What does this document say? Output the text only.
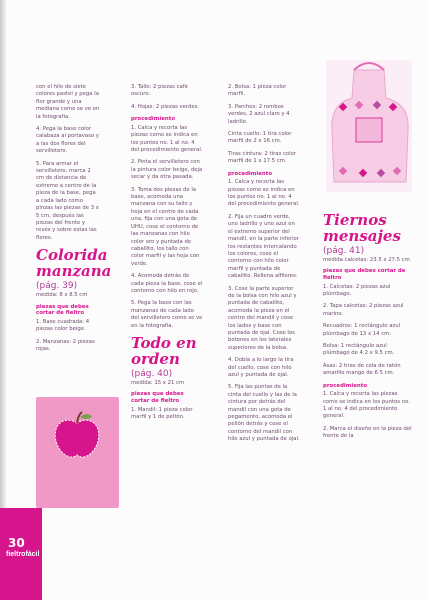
con el hilo de siete colores pastel y pega la flor grande y una mediana como se ve en la fotografía.

4. Pega la base color calabaza al portavaso y a las dos flores del servilletero.

5. Para armar el servilletero, marca 2 cm de distancia de extremo a centro de la pieza de la base, pega a cada lado como pinzas las piezas de 3 x 5 cm, después las piezas del frente y revés y sobre estas las flores.

Colorida manzana
(pág. 39)
medida: 8 x 8.5 cm
piezas que debes cortar de fieltro

1. Base cuadrada: 4 piezas color beige.

2. Manzanas: 2 piezas rojas.

3. Tallo: 2 piezas café oscuro.

4. Hojas: 2 piezas verdes.

procedimiento

1. Calca y recorta las piezas como se indica en los puntos no. 1 al no. 4 del procedimiento general.

2. Pinta el servilletero con la pintura color beige, deja secar y da otra pasada.

3. Toma dos piezas de la base, acomoda una manzana con su tallo y hoja en el centro de cada una, fija con una gota de UHU, cose el contorno de las manzanas con hilo color oro y puntada de caballito, los tallo con color marfil y las hoja con verde.

4. Acomoda detrás de cada pieza la base, cose el contorno con hilo en rojo.

5. Pega la base con las manzanas de cada lado del servilletero como se ve en la fotografía.

Todo en orden
(pág. 40)
medida: 15 x 21 cm
piezas que debes cortar de fieltro

1. Mandil: 1 pieza color marfil y 1 de peltón.

2. Bolsa: 1 pieza color marfil.

3. Parches: 2 rombos verdes, 2 azul claro y 4 ladrillo.

Cinta cuello: 1 tira color marfil de 2 x 16 cm.

Tiras cintura: 2 tiras color marfil de 1 x 17.5 cm.

procedimiento

1. Calca y recorta las piezas como se indica en los puntos no. 1 al no. 4 del procedimiento general.

2. Fija un cuadro verde, uno ladrillo y uno azul en el extremo superior del mandil, en la parte inferior los restantes intercalando los colores, cose el contorno con hilo color marfil y puntada de caballito. Rellena alfileres.

3. Cose la parte superior de la bolsa con hilo azul y puntada de caballito, acomoda la pieza en el centro del mandil y cose los lados y base con puntada de ojal. Cose los botones en los laterales superiores de la bolsa.

4. Dobla a lo largo la tira del cuello, cose con hilo azul y puntada de ojal.

5. Fija las puntas de la cinta del cuello y las de la cintura por detrás del mandil con una gota de pegamento, acomoda el pellón detrás y cose el contorno del mandil con hilo azul y puntada de ojal.

Tiernos mensajes
(pág. 41)
medida calcetas: 23.5 x 27.5 cm
piezas que debes cortar de fieltro

1. Calcetas: 2 piezas azul plúmbago.

2. Tapa calcetas: 2 piezas azul marino.

Recuadros: 1 rectángulo azul plúmbago de 13 x 14 cm.

Bolsa: 1 rectángulo azul plúmbago de 4.2 x 9.5 cm.

Asas: 2 tiras de cola de ratón amarillo mango de 6.5 cm.

procedimiento

1. Calca y recorta las piezas como se indica en los puntos no. 1 al no. 4 del procedimiento general.

2. Marca el diseño en la pieza del frente de la

30
fieltrofácil
